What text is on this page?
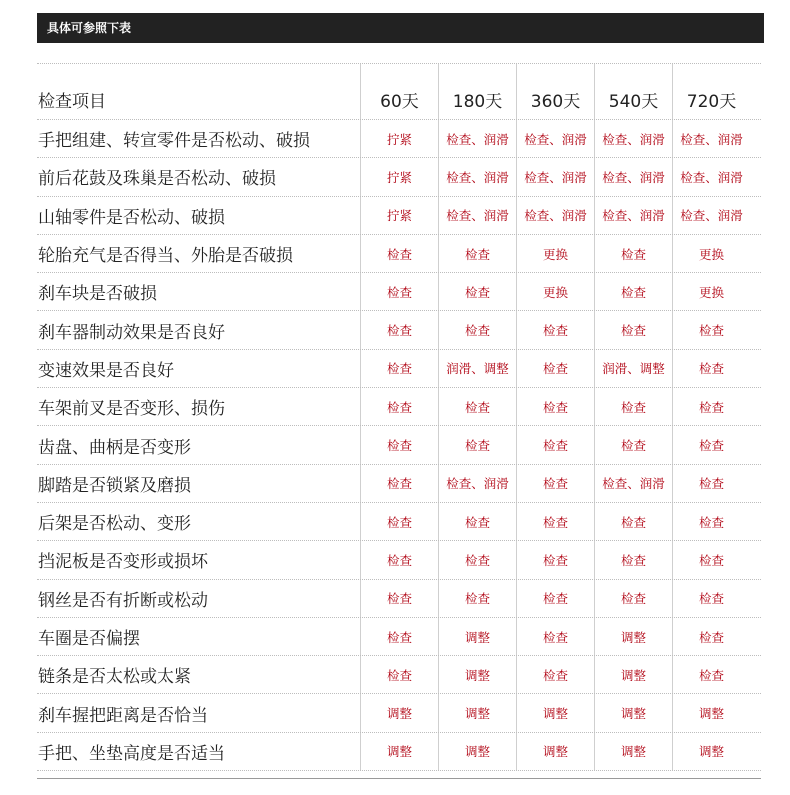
具体可参照下表
检查项目	60天	180天	360天	540天	720天
手把组建、转宣零件是否松动、破损	拧紧	检查、润滑	检查、润滑	检查、润滑	检查、润滑
前后花鼓及珠巢是否松动、破损	拧紧	检查、润滑	检查、润滑	检查、润滑	检查、润滑
山轴零件是否松动、破损	拧紧	检查、润滑	检查、润滑	检查、润滑	检查、润滑
轮胎充气是否得当、外胎是否破损	检查	检查	更换	检查	更换
刹车块是否破损	检查	检查	更换	检查	更换
刹车器制动效果是否良好	检查	检查	检查	检查	检查
变速效果是否良好	检查	润滑、调整	检查	润滑、调整	检查
车架前叉是否变形、损伤	检查	检查	检查	检查	检查
齿盘、曲柄是否变形	检查	检查	检查	检查	检查
脚踏是否锁紧及磨损	检查	检查、润滑	检查	检查、润滑	检查
后架是否松动、变形	检查	检查	检查	检查	检查
挡泥板是否变形或损坏	检查	检查	检查	检查	检查
钢丝是否有折断或松动	检查	检查	检查	检查	检查
车圈是否偏摆	检查	调整	检查	调整	检查
链条是否太松或太紧	检查	调整	检查	调整	检查
刹车握把距离是否恰当	调整	调整	调整	调整	调整
手把、坐垫高度是否适当	调整	调整	调整	调整	调整
